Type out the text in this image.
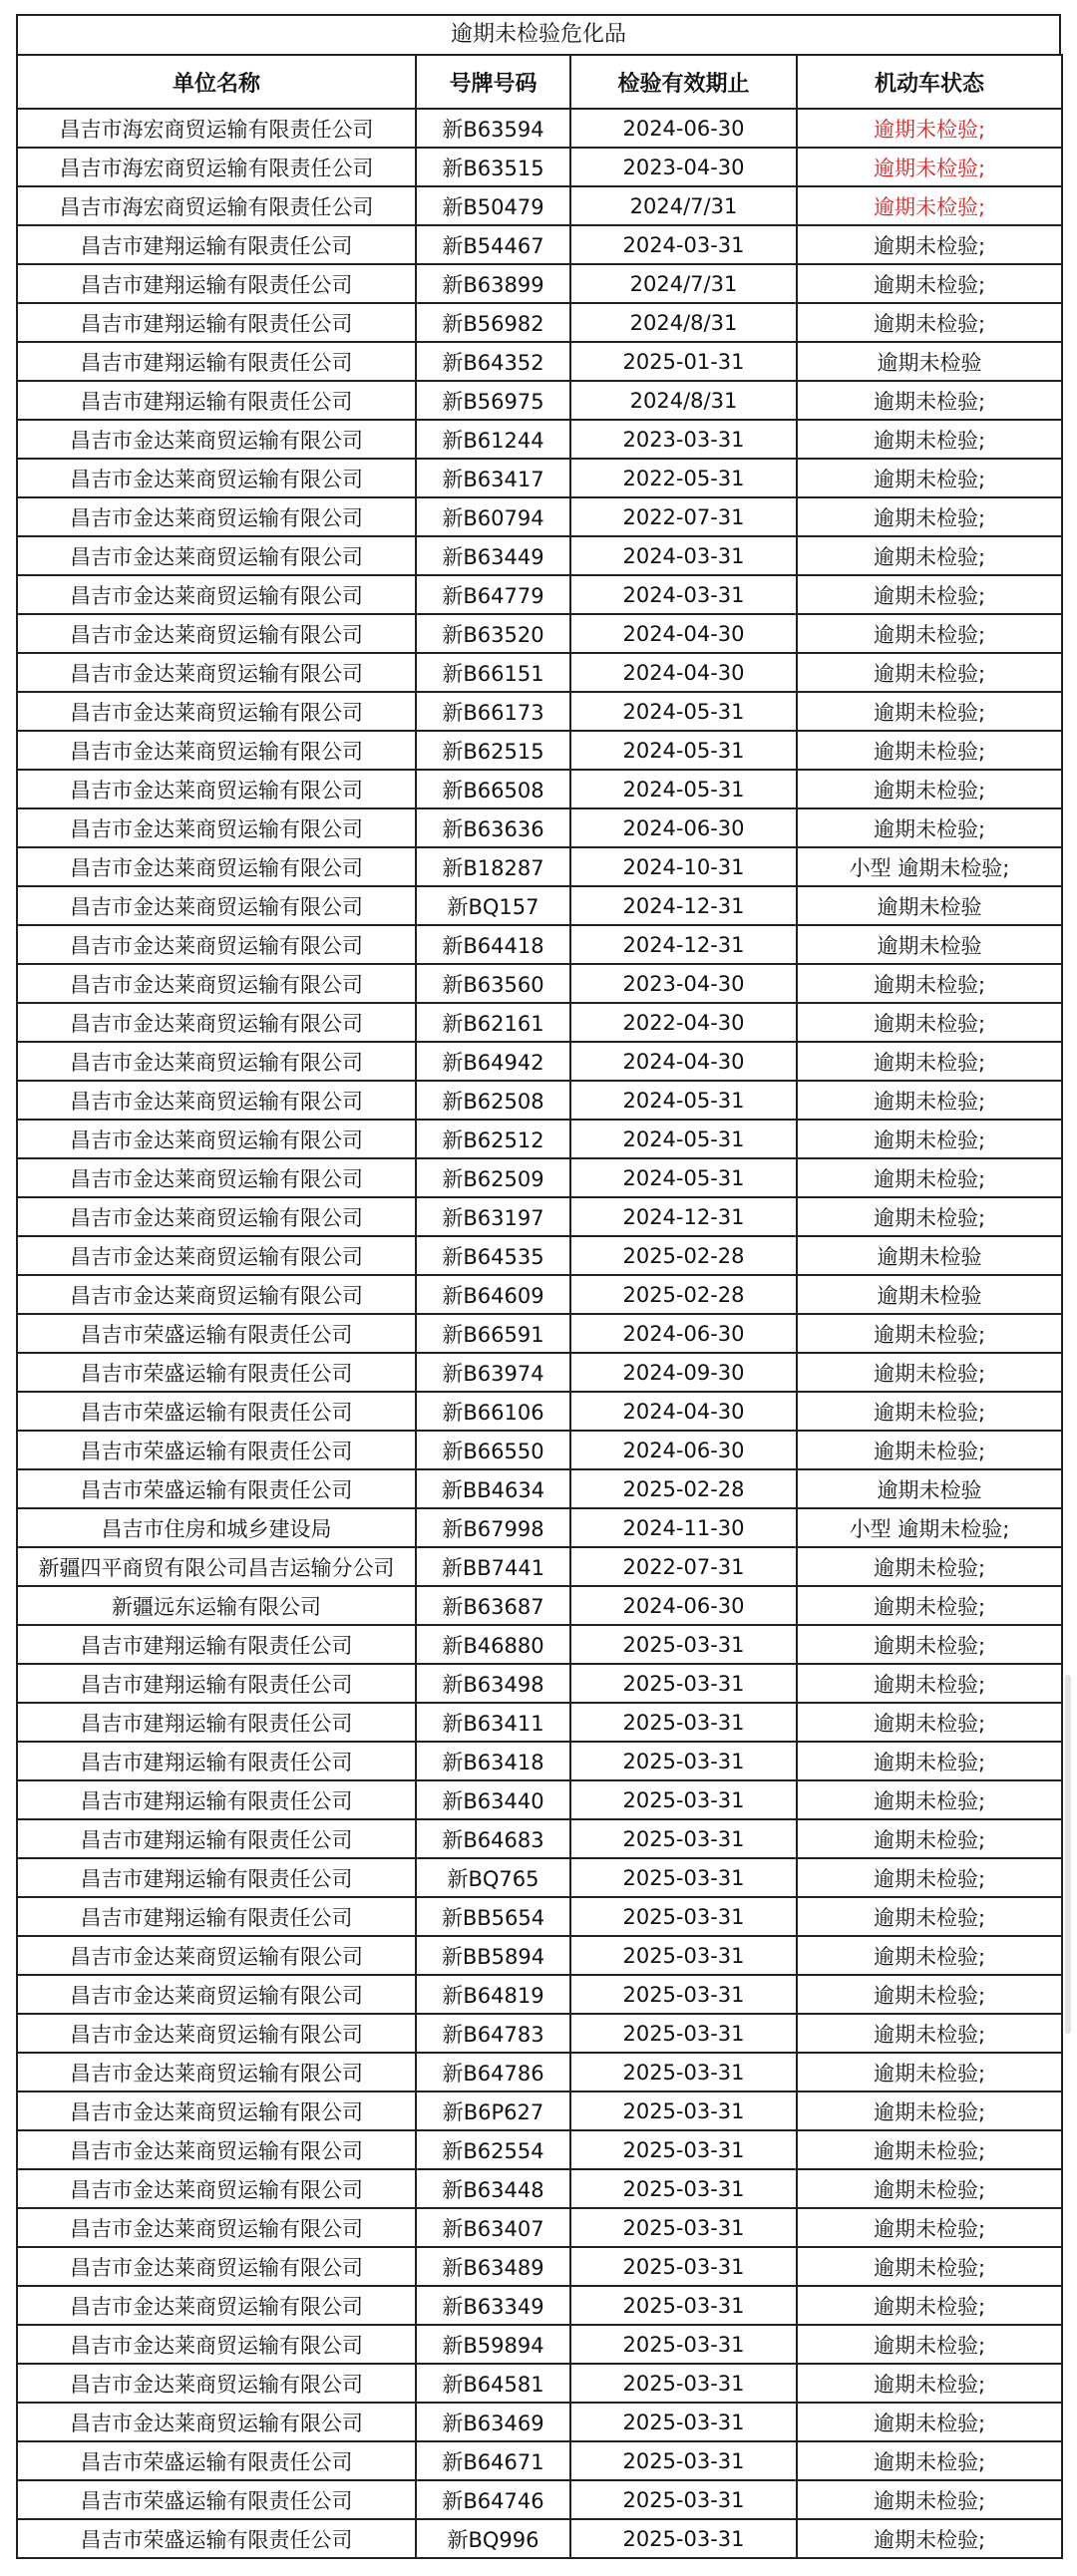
逾期未检验危化品
单位名称	号牌号码	检验有效期止	机动车状态
昌吉市海宏商贸运输有限责任公司	新B63594	2024-06-30	逾期未检验;
昌吉市海宏商贸运输有限责任公司	新B63515	2023-04-30	逾期未检验;
昌吉市海宏商贸运输有限责任公司	新B50479	2024/7/31	逾期未检验;
昌吉市建翔运输有限责任公司	新B54467	2024-03-31	逾期未检验;
昌吉市建翔运输有限责任公司	新B63899	2024/7/31	逾期未检验;
昌吉市建翔运输有限责任公司	新B56982	2024/8/31	逾期未检验;
昌吉市建翔运输有限责任公司	新B64352	2025-01-31	逾期未检验
昌吉市建翔运输有限责任公司	新B56975	2024/8/31	逾期未检验;
昌吉市金达莱商贸运输有限公司	新B61244	2023-03-31	逾期未检验;
昌吉市金达莱商贸运输有限公司	新B63417	2022-05-31	逾期未检验;
昌吉市金达莱商贸运输有限公司	新B60794	2022-07-31	逾期未检验;
昌吉市金达莱商贸运输有限公司	新B63449	2024-03-31	逾期未检验;
昌吉市金达莱商贸运输有限公司	新B64779	2024-03-31	逾期未检验;
昌吉市金达莱商贸运输有限公司	新B63520	2024-04-30	逾期未检验;
昌吉市金达莱商贸运输有限公司	新B66151	2024-04-30	逾期未检验;
昌吉市金达莱商贸运输有限公司	新B66173	2024-05-31	逾期未检验;
昌吉市金达莱商贸运输有限公司	新B62515	2024-05-31	逾期未检验;
昌吉市金达莱商贸运输有限公司	新B66508	2024-05-31	逾期未检验;
昌吉市金达莱商贸运输有限公司	新B63636	2024-06-30	逾期未检验;
昌吉市金达莱商贸运输有限公司	新B18287	2024-10-31	小型 逾期未检验;
昌吉市金达莱商贸运输有限公司	新BQ157	2024-12-31	逾期未检验
昌吉市金达莱商贸运输有限公司	新B64418	2024-12-31	逾期未检验
昌吉市金达莱商贸运输有限公司	新B63560	2023-04-30	逾期未检验;
昌吉市金达莱商贸运输有限公司	新B62161	2022-04-30	逾期未检验;
昌吉市金达莱商贸运输有限公司	新B64942	2024-04-30	逾期未检验;
昌吉市金达莱商贸运输有限公司	新B62508	2024-05-31	逾期未检验;
昌吉市金达莱商贸运输有限公司	新B62512	2024-05-31	逾期未检验;
昌吉市金达莱商贸运输有限公司	新B62509	2024-05-31	逾期未检验;
昌吉市金达莱商贸运输有限公司	新B63197	2024-12-31	逾期未检验;
昌吉市金达莱商贸运输有限公司	新B64535	2025-02-28	逾期未检验
昌吉市金达莱商贸运输有限公司	新B64609	2025-02-28	逾期未检验
昌吉市荣盛运输有限责任公司	新B66591	2024-06-30	逾期未检验;
昌吉市荣盛运输有限责任公司	新B63974	2024-09-30	逾期未检验;
昌吉市荣盛运输有限责任公司	新B66106	2024-04-30	逾期未检验;
昌吉市荣盛运输有限责任公司	新B66550	2024-06-30	逾期未检验;
昌吉市荣盛运输有限责任公司	新BB4634	2025-02-28	逾期未检验
昌吉市住房和城乡建设局	新B67998	2024-11-30	小型 逾期未检验;
新疆四平商贸有限公司昌吉运输分公司	新BB7441	2022-07-31	逾期未检验;
新疆远东运输有限公司	新B63687	2024-06-30	逾期未检验;
昌吉市建翔运输有限责任公司	新B46880	2025-03-31	逾期未检验;
昌吉市建翔运输有限责任公司	新B63498	2025-03-31	逾期未检验;
昌吉市建翔运输有限责任公司	新B63411	2025-03-31	逾期未检验;
昌吉市建翔运输有限责任公司	新B63418	2025-03-31	逾期未检验;
昌吉市建翔运输有限责任公司	新B63440	2025-03-31	逾期未检验;
昌吉市建翔运输有限责任公司	新B64683	2025-03-31	逾期未检验;
昌吉市建翔运输有限责任公司	新BQ765	2025-03-31	逾期未检验;
昌吉市建翔运输有限责任公司	新BB5654	2025-03-31	逾期未检验;
昌吉市金达莱商贸运输有限公司	新BB5894	2025-03-31	逾期未检验;
昌吉市金达莱商贸运输有限公司	新B64819	2025-03-31	逾期未检验;
昌吉市金达莱商贸运输有限公司	新B64783	2025-03-31	逾期未检验;
昌吉市金达莱商贸运输有限公司	新B64786	2025-03-31	逾期未检验;
昌吉市金达莱商贸运输有限公司	新B6P627	2025-03-31	逾期未检验;
昌吉市金达莱商贸运输有限公司	新B62554	2025-03-31	逾期未检验;
昌吉市金达莱商贸运输有限公司	新B63448	2025-03-31	逾期未检验;
昌吉市金达莱商贸运输有限公司	新B63407	2025-03-31	逾期未检验;
昌吉市金达莱商贸运输有限公司	新B63489	2025-03-31	逾期未检验;
昌吉市金达莱商贸运输有限公司	新B63349	2025-03-31	逾期未检验;
昌吉市金达莱商贸运输有限公司	新B59894	2025-03-31	逾期未检验;
昌吉市金达莱商贸运输有限公司	新B64581	2025-03-31	逾期未检验;
昌吉市金达莱商贸运输有限公司	新B63469	2025-03-31	逾期未检验;
昌吉市荣盛运输有限责任公司	新B64671	2025-03-31	逾期未检验;
昌吉市荣盛运输有限责任公司	新B64746	2025-03-31	逾期未检验;
昌吉市荣盛运输有限责任公司	新BQ996	2025-03-31	逾期未检验;
